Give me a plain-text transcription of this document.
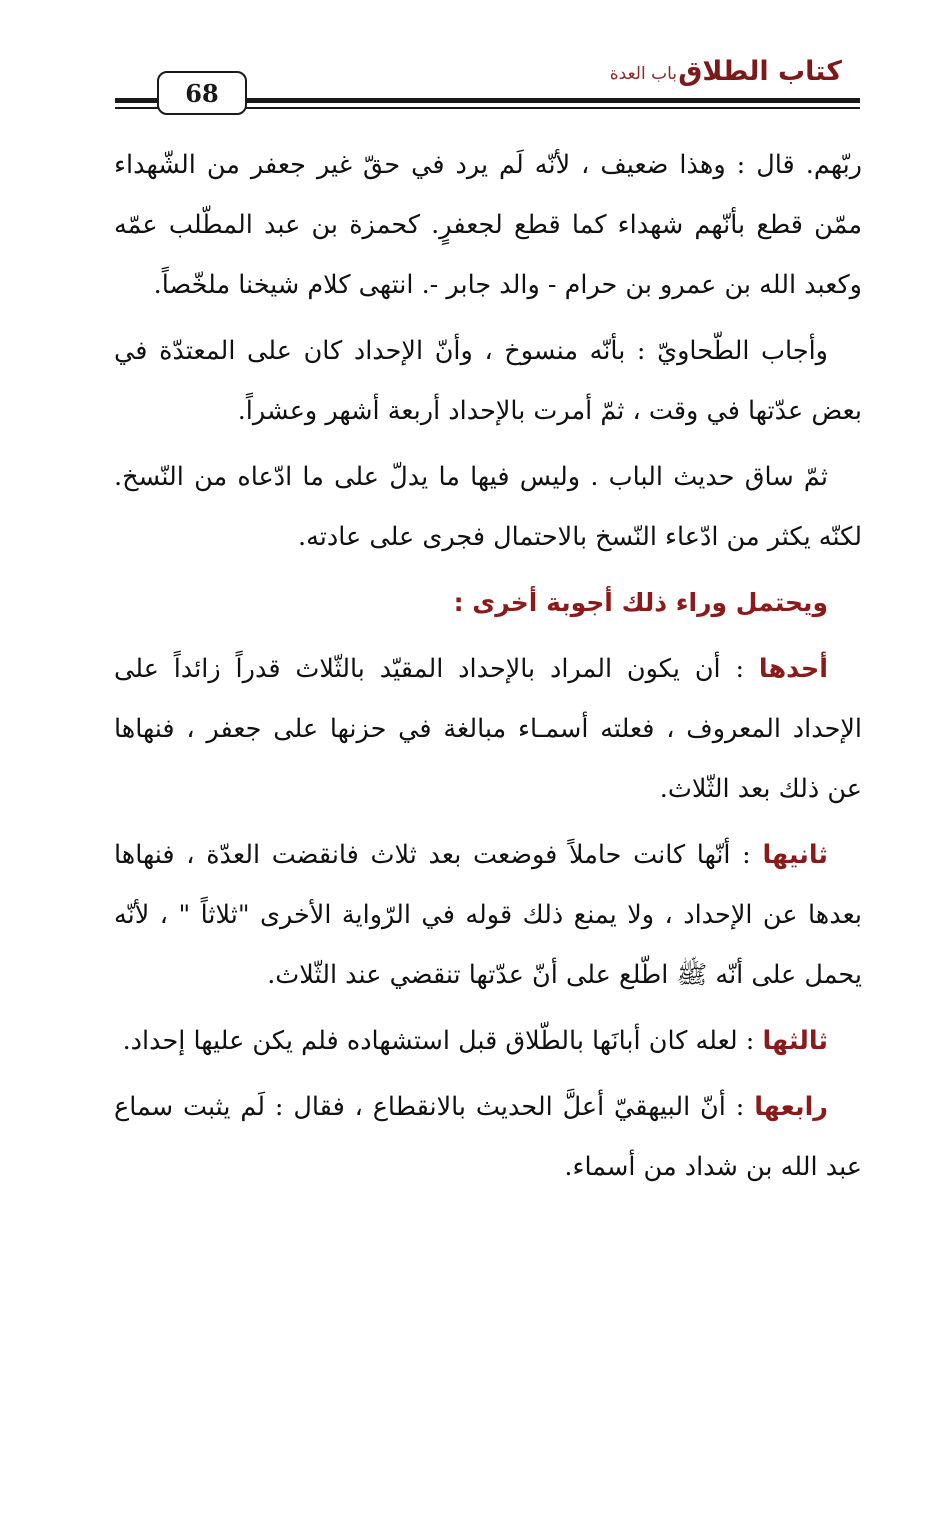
كتاب الطلاق
باب العدة
68

ربّهم. قال : وهذا ضعيف ، لأنّه لَم يرد في حقّ غير جعفر من الشّهداء ممّن قطع بأنّهم شهداء كما قطع لجعفرٍ. كحمزة بن عبد المطّلب عمّه وكعبد الله بن عمرو بن حرام - والد جابر -. انتهى كلام شيخنا ملخّصاً.

وأجاب الطّحاويّ : بأنّه منسوخ ، وأنّ الإحداد كان على المعتدّة في بعض عدّتها في وقت ، ثمّ أمرت بالإحداد أربعة أشهر وعشراً.

ثمّ ساق حديث الباب . وليس فيها ما يدلّ على ما ادّعاه من النّسخ. لكنّه يكثر من ادّعاء النّسخ بالاحتمال فجرى على عادته.

ويحتمل وراء ذلك أجوبة أخرى :

أحدها : أن يكون المراد بالإحداد المقيّد بالثّلاث قدراً زائداً على الإحداد المعروف ، فعلته أسمـاء مبالغة في حزنها على جعفر ، فنهاها عن ذلك بعد الثّلاث.

ثانيها : أنّها كانت حاملاً فوضعت بعد ثلاث فانقضت العدّة ، فنهاها بعدها عن الإحداد ، ولا يمنع ذلك قوله في الرّواية الأخرى "ثلاثاً " ، لأنّه يحمل على أنّه ﷺ اطّلع على أنّ عدّتها تنقضي عند الثّلاث.

ثالثها : لعله كان أبانَها بالطّلاق قبل استشهاده فلم يكن عليها إحداد.

رابعها : أنّ البيهقيّ أعلَّ الحديث بالانقطاع ، فقال : لَم يثبت سماع عبد الله بن شداد من أسماء.
